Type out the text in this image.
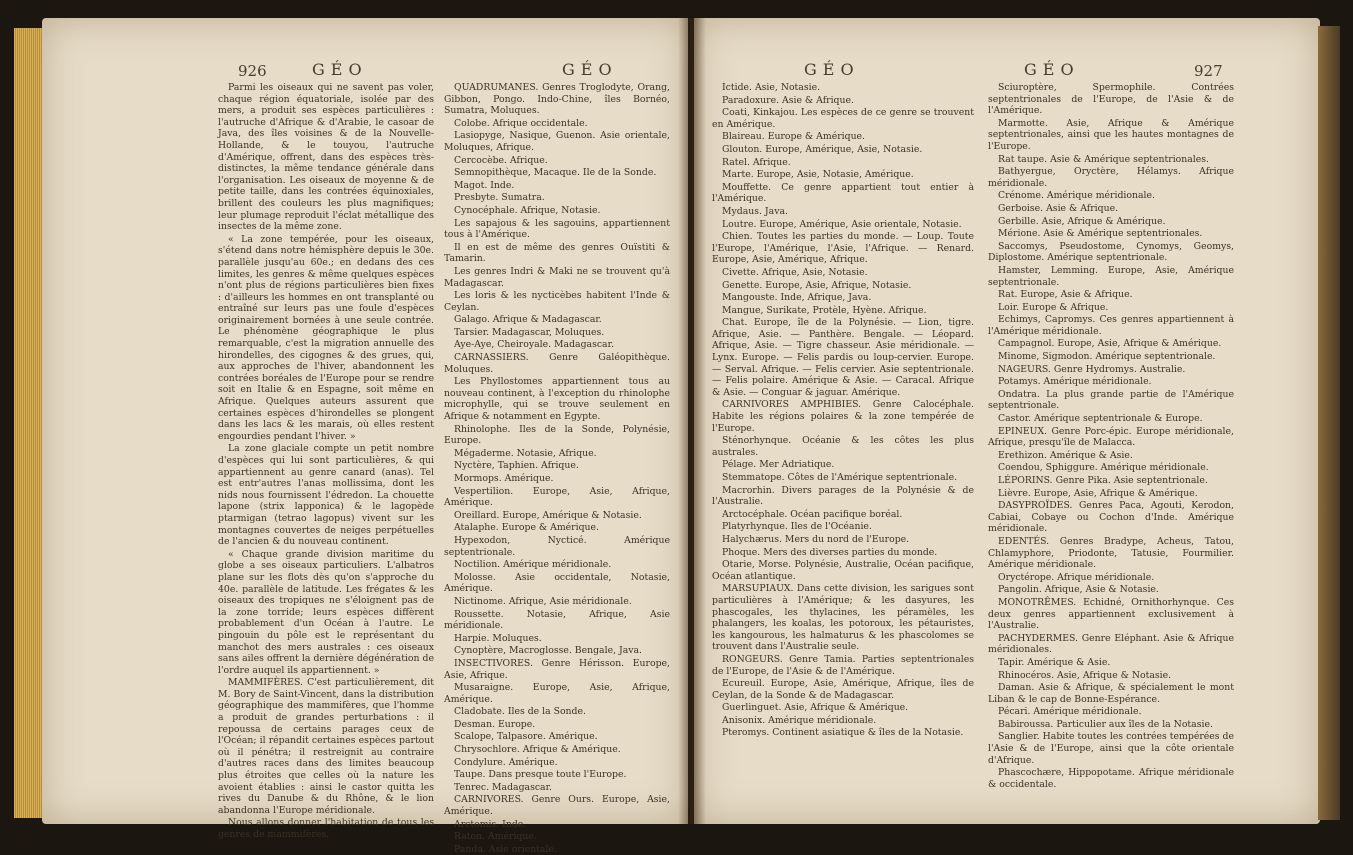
926	GÉO	GÉO

Parmi les oiseaux qui ne savent pas voler, chaque région équatoriale, isolée par des mers, a produit ses espèces particulières : l'autruche d'Afrique & d'Arabie, le casoar de Java, des îles voisines & de la Nouvelle-Hollande, & le touyou, l'autruche d'Amérique, offrent, dans des espèces très-distinctes, la même tendance générale dans l'organisation. Les oiseaux de moyenne & de petite taille, dans les contrées équinoxiales, brillent des couleurs les plus magnifiques; leur plumage reproduit l'éclat métallique des insectes de la même zone.

« La zone tempérée, pour les oiseaux, s'étend dans notre hémisphère depuis le 30e. parallèle jusqu'au 60e.; en dedans des ces limites, les genres & même quelques espèces n'ont plus de régions particulières bien fixes : d'ailleurs les hommes en ont transplanté ou entraîné sur leurs pas une foule d'espèces originairement bornées à une seule contrée. Le phénomène géographique le plus remarquable, c'est la migration annuelle des hirondelles, des cigognes & des grues, qui, aux approches de l'hiver, abandonnent les contrées boréales de l'Europe pour se rendre soit en Italie & en Espagne, soit même en Afrique. Quelques auteurs assurent que certaines espèces d'hirondelles se plongent dans les lacs & les marais, où elles restent engourdies pendant l'hiver. »

La zone glaciale compte un petit nombre d'espèces qui lui sont particulières, & qui appartiennent au genre canard (anas). Tel est entr'autres l'anas mollissima, dont les nids nous fournissent l'édredon. La chouette lapone (strix lapponica) & le lagopède ptarmigan (tetrao lagopus) vivent sur les montagnes couvertes de neiges perpétuelles de l'ancien & du nouveau continent.

« Chaque grande division maritime du globe a ses oiseaux particuliers. L'albatros plane sur les flots dès qu'on s'approche du 40e. parallèle de latitude. Les frégates & les oiseaux des tropiques ne s'éloignent pas de la zone torride; leurs espèces diffèrent probablement d'un Océan à l'autre. Le pingouin du pôle est le représentant du manchot des mers australes : ces oiseaux sans ailes offrent la dernière dégénération de l'ordre auquel ils appartiennent. »

MAMMIFÈRES. C'est particulièrement, dit M. Bory de Saint-Vincent, dans la distribution géographique des mammifères, que l'homme a produit de grandes perturbations : il repoussa de certains parages ceux de l'Océan; il répandit certaines espèces partout où il pénétra; il restreignit au contraire d'autres races dans des limites beaucoup plus étroites que celles où la nature les avoient établies : ainsi le castor quitta les rives du Danube & du Rhône, & le lion abandonna l'Europe méridionale.

Nous allons donner l'habitation de tous les genres de mammifères.

QUADRUMANES. Genres Troglodyte, Orang, Gibbon, Pongo. Indo-Chine, îles Bornéo, Sumatra, Moluques.

Colobe. Afrique occidentale.

Lasiopyge, Nasique, Guenon. Asie orientale, Moluques, Afrique.

Cercocèbe. Afrique.

Semnopithèque, Macaque. Ile de la Sonde.

Magot. Inde.

Presbyte. Sumatra.

Cynocéphale. Afrique, Notasie.

Les sapajous & les sagouins, appartiennent tous à l'Amérique.

Il en est de même des genres Ouïstiti & Tamarin.

Les genres Indri & Maki ne se trouvent qu'à Madagascar.

Les loris & les nycticèbes habitent l'Inde & Ceylan.

Galago. Afrique & Madagascar.

Tarsier. Madagascar, Moluques.

Aye-Aye, Cheiroyale. Madagascar.

CARNASSIERS. Genre Galéopithèque. Moluques.

Les Phyllostomes appartiennent tous au nouveau continent, à l'exception du rhinolophe microphylle, qui se trouve seulement en Afrique & notamment en Egypte.

Rhinolophe. Iles de la Sonde, Polynésie, Europe.

Mégaderme. Notasie, Afrique.

Nyctère, Taphien. Afrique.

Mormops. Amérique.

Vespertilion. Europe, Asie, Afrique, Amérique.

Oreillard. Europe, Amérique & Notasie.

Atalaphe. Europe & Amérique.

Hypexodon, Nycticé. Amérique septentrionale.

Noctilion. Amérique méridionale.

Molosse. Asie occidentale, Notasie, Amérique.

Nictinome. Afrique, Asie méridionale.

Roussette. Notasie, Afrique, Asie méridionale.

Harpie. Moluques.

Cynoptère, Macroglosse. Bengale, Java.

INSECTIVORES. Genre Hérisson. Europe, Asie, Afrique.

Musaraigne. Europe, Asie, Afrique, Amérique.

Cladobate. Iles de la Sonde.

Desman. Europe.

Scalope, Talpasore. Amérique.

Chrysochlore. Afrique & Amérique.

Condylure. Amérique.

Taupe. Dans presque toute l'Europe.

Tenrec. Madagascar.

CARNIVORES. Genre Ours. Europe, Asie, Amérique.

Arctomis. Inde.

Raton. Amérique.

Panda. Asie orientale.

GÉO	GÉO	927

Ictide. Asie, Notasie.

Paradoxure. Asie & Afrique.

Coati, Kinkajou. Les espèces de ce genre se trouvent en Amérique.

Blaireau. Europe & Amérique.

Glouton. Europe, Amérique, Asie, Notasie.

Ratel. Afrique.

Marte. Europe, Asie, Notasie, Amérique.

Mouffette. Ce genre appartient tout entier à l'Amérique.

Mydaus. Java.

Loutre. Europe, Amérique, Asie orientale, Notasie.

Chien. Toutes les parties du monde. — Loup. Toute l'Europe, l'Amérique, l'Asie, l'Afrique. — Renard. Europe, Asie, Amérique, Afrique.

Civette. Afrique, Asie, Notasie.

Genette. Europe, Asie, Afrique, Notasie.

Mangouste. Inde, Afrique, Java.

Mangue, Surikate, Protèle, Hyène. Afrique.

Chat. Europe, île de la Polynésie. — Lion, tigre. Afrique, Asie. — Panthère. Bengale. — Léopard. Afrique, Asie. — Tigre chasseur. Asie méridionale. — Lynx. Europe. — Felis pardis ou loup-cervier. Europe. — Serval. Afrique. — Felis cervier. Asie septentrionale. — Felis polaire. Amérique & Asie. — Caracal. Afrique & Asie. — Conguar & jaguar. Amérique.

CARNIVORES AMPHIBIES. Genre Calocéphale. Habite les régions polaires & la zone tempérée de l'Europe.

Sténorhynque. Océanie & les côtes les plus australes.

Pélage. Mer Adriatique.

Stemmatope. Côtes de l'Amérique septentrionale.

Macrorhin. Divers parages de la Polynésie & de l'Australie.

Arctocéphale. Océan pacifique boréal.

Platyrhynque. Iles de l'Océanie.

Halychærus. Mers du nord de l'Europe.

Phoque. Mers des diverses parties du monde.

Otarie, Morse. Polynésie, Australie, Océan pacifique, Océan atlantique.

MARSUPIAUX. Dans cette division, les sarigues sont particulières à l'Amérique; & les dasyures, les phascogales, les thylacines, les péramèles, les phalangers, les koalas, les potoroux, les pétauristes, les kangourous, les halmaturus & les phascolomes se trouvent dans l'Australie seule.

RONGEURS. Genre Tamia. Parties septentrionales de l'Europe, de l'Asie & de l'Amérique.

Ecureuil. Europe, Asie, Amérique, Afrique, îles de Ceylan, de la Sonde & de Madagascar.

Guerlinguet. Asie, Afrique & Amérique.

Anisonix. Amérique méridionale.

Pteromys. Continent asiatique & îles de la Notasie.

Sciuroptère, Spermophile. Contrées septentrionales de l'Europe, de l'Asie & de l'Amérique.

Marmotte. Asie, Afrique & Amérique septentrionales, ainsi que les hautes montagnes de l'Europe.

Rat taupe. Asie & Amérique septentrionales.

Bathyergue, Oryctère, Hélamys. Afrique méridionale.

Crénome. Amérique méridionale.

Gerboise. Asie & Afrique.

Gerbille. Asie, Afrique & Amérique.

Mérione. Asie & Amérique septentrionales.

Saccomys, Pseudostome, Cynomys, Geomys, Diplostome. Amérique septentrionale.

Hamster, Lemming. Europe, Asie, Amérique septentrionale.

Rat. Europe, Asie & Afrique.

Loir. Europe & Afrique.

Echimys, Capromys. Ces genres appartiennent à l'Amérique méridionale.

Campagnol. Europe, Asie, Afrique & Amérique.

Minome, Sigmodon. Amérique septentrionale.

NAGEURS. Genre Hydromys. Australie.

Potamys. Amérique méridionale.

Ondatra. La plus grande partie de l'Amérique septentrionale.

Castor. Amérique septentrionale & Europe.

EPINEUX. Genre Porc-épic. Europe méridionale, Afrique, presqu'île de Malacca.

Erethizon. Amérique & Asie.

Coendou, Sphiggure. Amérique méridionale.

LÉPORINS. Genre Pika. Asie septentrionale.

Lièvre. Europe, Asie, Afrique & Amérique.

DASYPROÏDES. Genres Paca, Agouti, Kerodon, Cabiai, Cobaye ou Cochon d'Inde. Amérique méridionale.

EDENTÉS. Genres Bradype, Acheus, Tatou, Chlamyphore, Priodonte, Tatusie, Fourmilier. Amérique méridionale.

Oryctérope. Afrique méridionale.

Pangolin. Afrique, Asie & Notasie.

MONOTRÊMES. Echidné, Ornithorhynque. Ces deux genres appartiennent exclusivement à l'Australie.

PACHYDERMES. Genre Eléphant. Asie & Afrique méridionales.

Tapir. Amérique & Asie.

Rhinocéros. Asie, Afrique & Notasie.

Daman. Asie & Afrique, & spécialement le mont Liban & le cap de Bonne-Espérance.

Pécari. Amérique méridionale.

Babiroussa. Particulier aux îles de la Notasie.

Sanglier. Habite toutes les contrées tempérées de l'Asie & de l'Europe, ainsi que la côte orientale d'Afrique.

Phascochære, Hippopotame. Afrique méridionale & occidentale.
